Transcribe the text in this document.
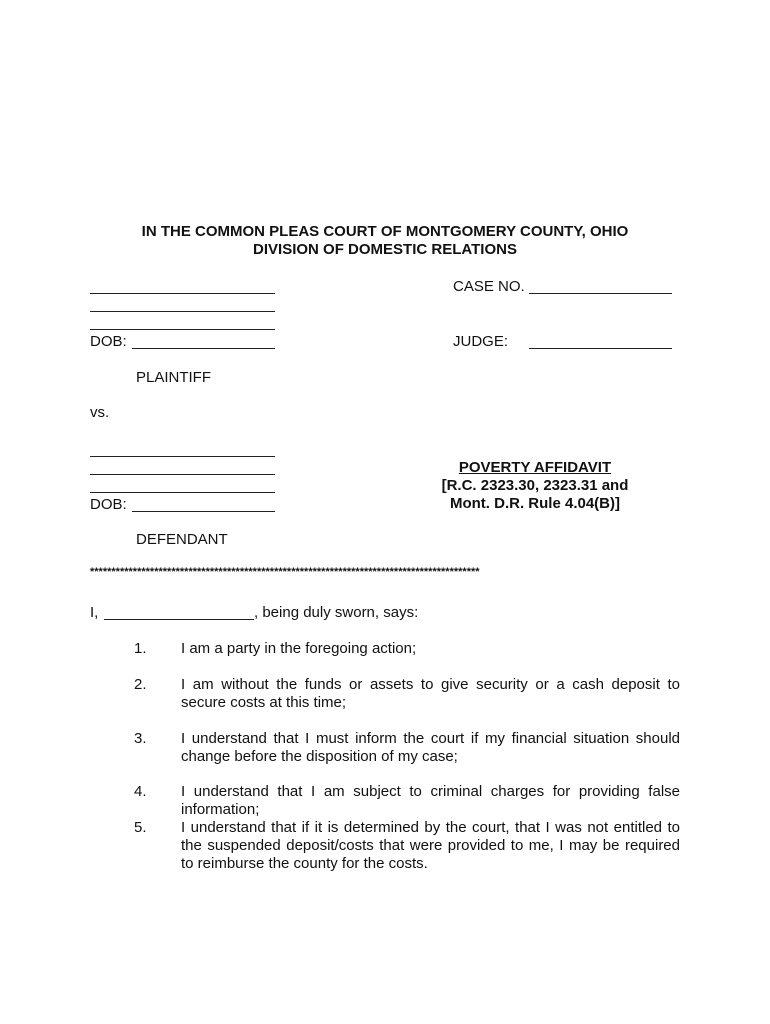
IN THE COMMON PLEAS COURT OF MONTGOMERY COUNTY, OHIO
DIVISION OF DOMESTIC RELATIONS
DOB:
PLAINTIFF
CASE NO.
JUDGE:
vs.
DOB:
DEFENDANT
POVERTY AFFIDAVIT
[R.C. 2323.30, 2323.31 and
Mont. D.R. Rule 4.04(B)]
*******************************************************************************************
I,	, being duly sworn, says:
1. I am a party in the foregoing action;
2. I am without the funds or assets to give security or a cash deposit to secure costs at this time;
3. I understand that I must inform the court if my financial situation should change before the disposition of my case;
4. I understand that I am subject to criminal charges for providing false information;
5. I understand that if it is determined by the court, that I was not entitled to the suspended deposit/costs that were provided to me, I may be required to reimburse the county for the costs.
